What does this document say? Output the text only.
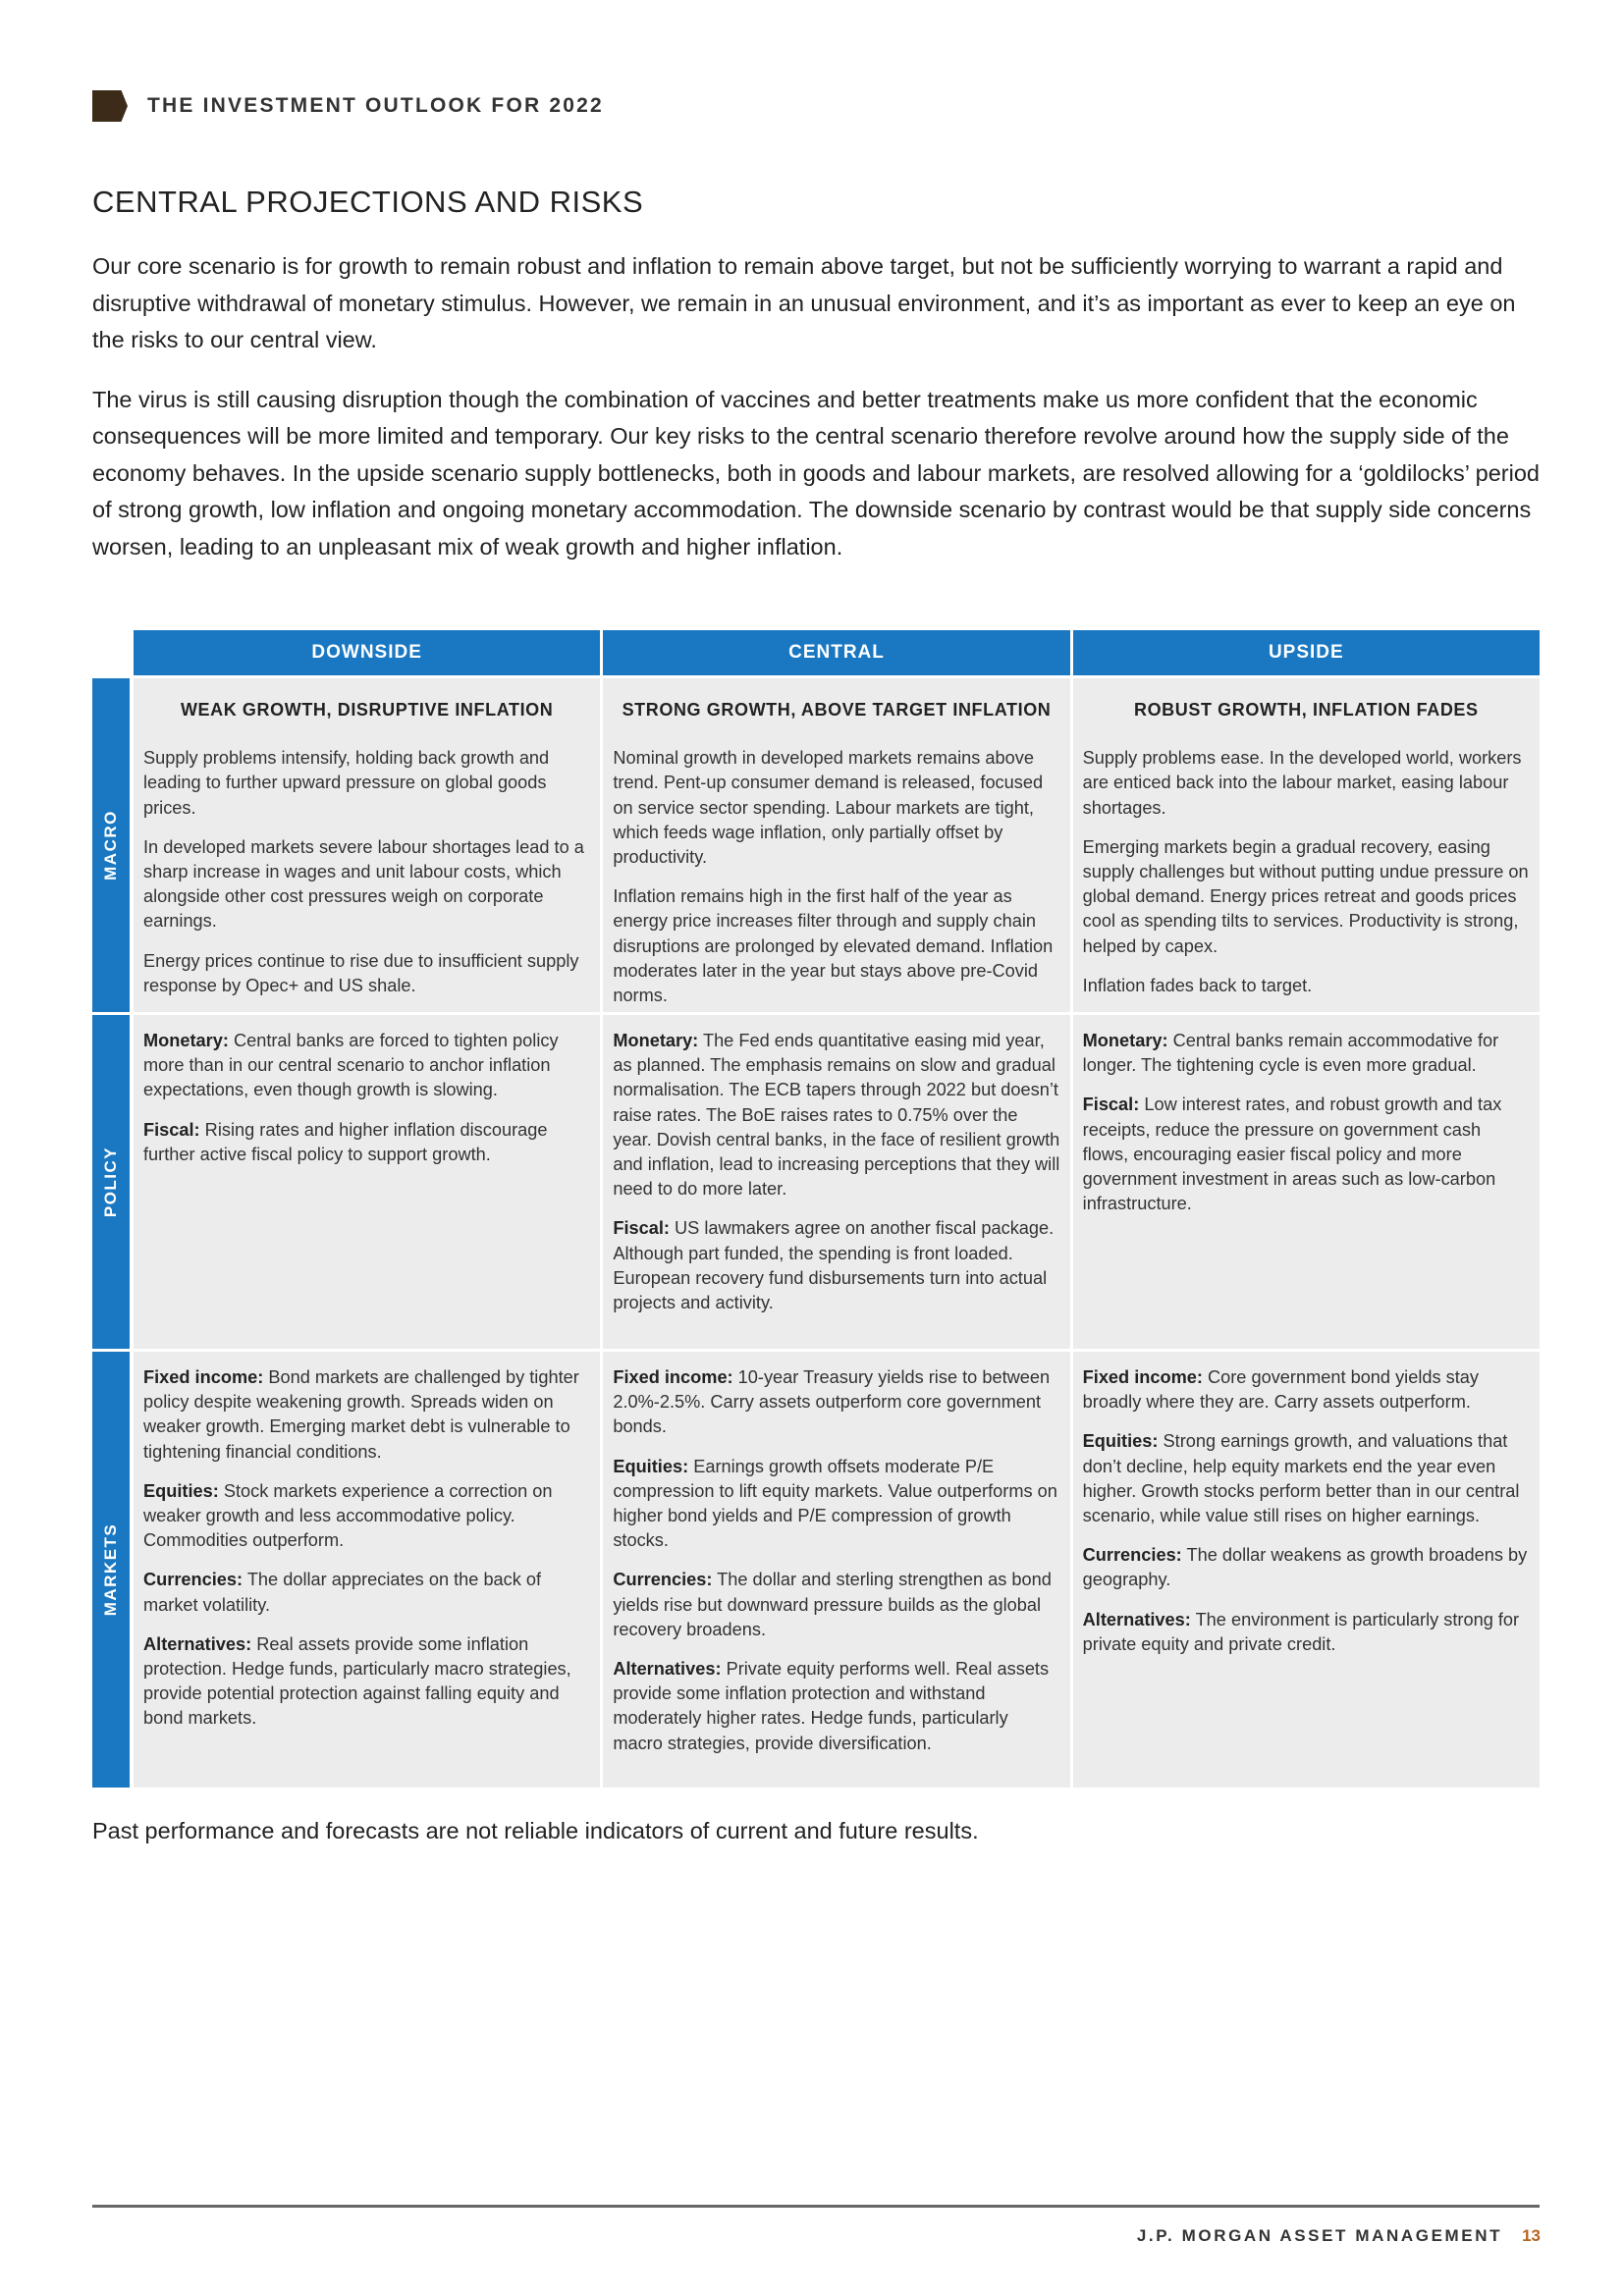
THE INVESTMENT OUTLOOK FOR 2022
CENTRAL PROJECTIONS AND RISKS

Our core scenario is for growth to remain robust and inflation to remain above target, but not be sufficiently worrying to warrant a rapid and disruptive withdrawal of monetary stimulus. However, we remain in an unusual environment, and it’s as important as ever to keep an eye on the risks to our central view.

The virus is still causing disruption though the combination of vaccines and better treatments make us more confident that the economic consequences will be more limited and temporary. Our key risks to the central scenario therefore revolve around how the supply side of the economy behaves. In the upside scenario supply bottlenecks, both in goods and labour markets, are resolved allowing for a ‘goldilocks’ period of strong growth, low inflation and ongoing monetary accommodation. The downside scenario by contrast would be that supply side concerns worsen, leading to an unpleasant mix of weak growth and higher inflation.

DOWNSIDE	CENTRAL	UPSIDE
MACRO
WEAK GROWTH, DISRUPTIVE INFLATION

Supply problems intensify, holding back growth and leading to further upward pressure on global goods prices.

In developed markets severe labour shortages lead to a sharp increase in wages and unit labour costs, which alongside other cost pressures weigh on corporate earnings.

Energy prices continue to rise due to insufficient supply response by Opec+ and US shale.

STRONG GROWTH, ABOVE TARGET INFLATION

Nominal growth in developed markets remains above trend. Pent-up consumer demand is released, focused on service sector spending. Labour markets are tight, which feeds wage inflation, only partially offset by productivity.

Inflation remains high in the first half of the year as energy price increases filter through and supply chain disruptions are prolonged by elevated demand. Inflation moderates later in the year but stays above pre-Covid norms.

ROBUST GROWTH, INFLATION FADES

Supply problems ease. In the developed world, workers are enticed back into the labour market, easing labour shortages.

Emerging markets begin a gradual recovery, easing supply challenges but without putting undue pressure on global demand. Energy prices retreat and goods prices cool as spending tilts to services. Productivity is strong, helped by capex.

Inflation fades back to target.

POLICY

Monetary: Central banks are forced to tighten policy more than in our central scenario to anchor inflation expectations, even though growth is slowing.

Fiscal: Rising rates and higher inflation discourage further active fiscal policy to support growth.

Monetary: The Fed ends quantitative easing mid year, as planned. The emphasis remains on slow and gradual normalisation. The ECB tapers through 2022 but doesn’t raise rates. The BoE raises rates to 0.75% over the year. Dovish central banks, in the face of resilient growth and inflation, lead to increasing perceptions that they will need to do more later.

Fiscal: US lawmakers agree on another fiscal package. Although part funded, the spending is front loaded. European recovery fund disbursements turn into actual projects and activity.

Monetary: Central banks remain accommodative for longer. The tightening cycle is even more gradual.

Fiscal: Low interest rates, and robust growth and tax receipts, reduce the pressure on government cash flows, encouraging easier fiscal policy and more government investment in areas such as low-carbon infrastructure.

MARKETS

Fixed income: Bond markets are challenged by tighter policy despite weakening growth. Spreads widen on weaker growth. Emerging market debt is vulnerable to tightening financial conditions.

Equities: Stock markets experience a correction on weaker growth and less accommodative policy. Commodities outperform.

Currencies: The dollar appreciates on the back of market volatility.

Alternatives: Real assets provide some inflation protection. Hedge funds, particularly macro strategies, provide potential protection against falling equity and bond markets.

Fixed income: 10-year Treasury yields rise to between 2.0%-2.5%. Carry assets outperform core government bonds.

Equities: Earnings growth offsets moderate P/E compression to lift equity markets. Value outperforms on higher bond yields and P/E compression of growth stocks.

Currencies: The dollar and sterling strengthen as bond yields rise but downward pressure builds as the global recovery broadens.

Alternatives: Private equity performs well. Real assets provide some inflation protection and withstand moderately higher rates. Hedge funds, particularly macro strategies, provide diversification.

Fixed income: Core government bond yields stay broadly where they are. Carry assets outperform.

Equities: Strong earnings growth, and valuations that don’t decline, help equity markets end the year even higher. Growth stocks perform better than in our central scenario, while value still rises on higher earnings.

Currencies: The dollar weakens as growth broadens by geography.

Alternatives: The environment is particularly strong for private equity and private credit.

Past performance and forecasts are not reliable indicators of current and future results.
J.P. MORGAN ASSET MANAGEMENT 13
